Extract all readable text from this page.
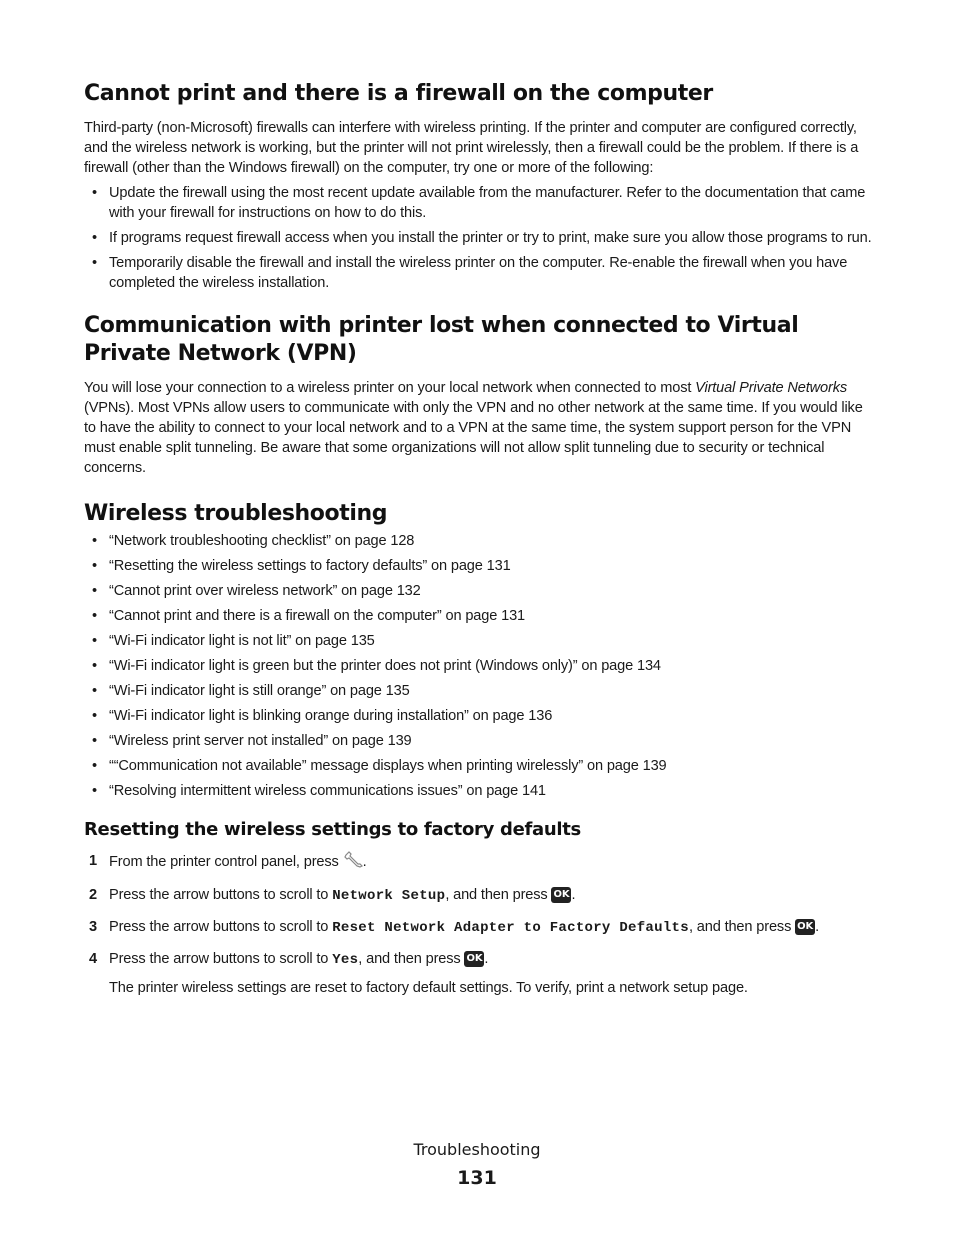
Cannot print and there is a firewall on the computer

Third-party (non-Microsoft) firewalls can interfere with wireless printing. If the printer and computer are configured correctly, and the wireless network is working, but the printer will not print wirelessly, then a firewall could be the problem. If there is a firewall (other than the Windows firewall) on the computer, try one or more of the following:

• Update the firewall using the most recent update available from the manufacturer. Refer to the documentation that came with your firewall for instructions on how to do this.
• If programs request firewall access when you install the printer or try to print, make sure you allow those programs to run.
• Temporarily disable the firewall and install the wireless printer on the computer. Re-enable the firewall when you have completed the wireless installation.
Communication with printer lost when connected to Virtual Private Network (VPN)

You will lose your connection to a wireless printer on your local network when connected to most Virtual Private Networks (VPNs). Most VPNs allow users to communicate with only the VPN and no other network at the same time. If you would like to have the ability to connect to your local network and to a VPN at the same time, the system support person for the VPN must enable split tunneling. Be aware that some organizations will not allow split tunneling due to security or technical concerns.

Wireless troubleshooting
• “Network troubleshooting checklist” on page 128
• “Resetting the wireless settings to factory defaults” on page 131
• “Cannot print over wireless network” on page 132
• “Cannot print and there is a firewall on the computer” on page 131
• “Wi-Fi indicator light is not lit” on page 135
• “Wi-Fi indicator light is green but the printer does not print (Windows only)” on page 134
• “Wi-Fi indicator light is still orange” on page 135
• “Wi-Fi indicator light is blinking orange during installation” on page 136
• “Wireless print server not installed” on page 139
• ““Communication not available” message displays when printing wirelessly” on page 139
• “Resolving intermittent wireless communications issues” on page 141
Resetting the wireless settings to factory defaults
1 From the printer control panel, press .
2 Press the arrow buttons to scroll to Network Setup, and then press OK .
3 Press the arrow buttons to scroll to Reset Network Adapter to Factory Defaults, and then press OK .
4 Press the arrow buttons to scroll to Yes, and then press OK .

The printer wireless settings are reset to factory default settings. To verify, print a network setup page.

Troubleshooting
131
